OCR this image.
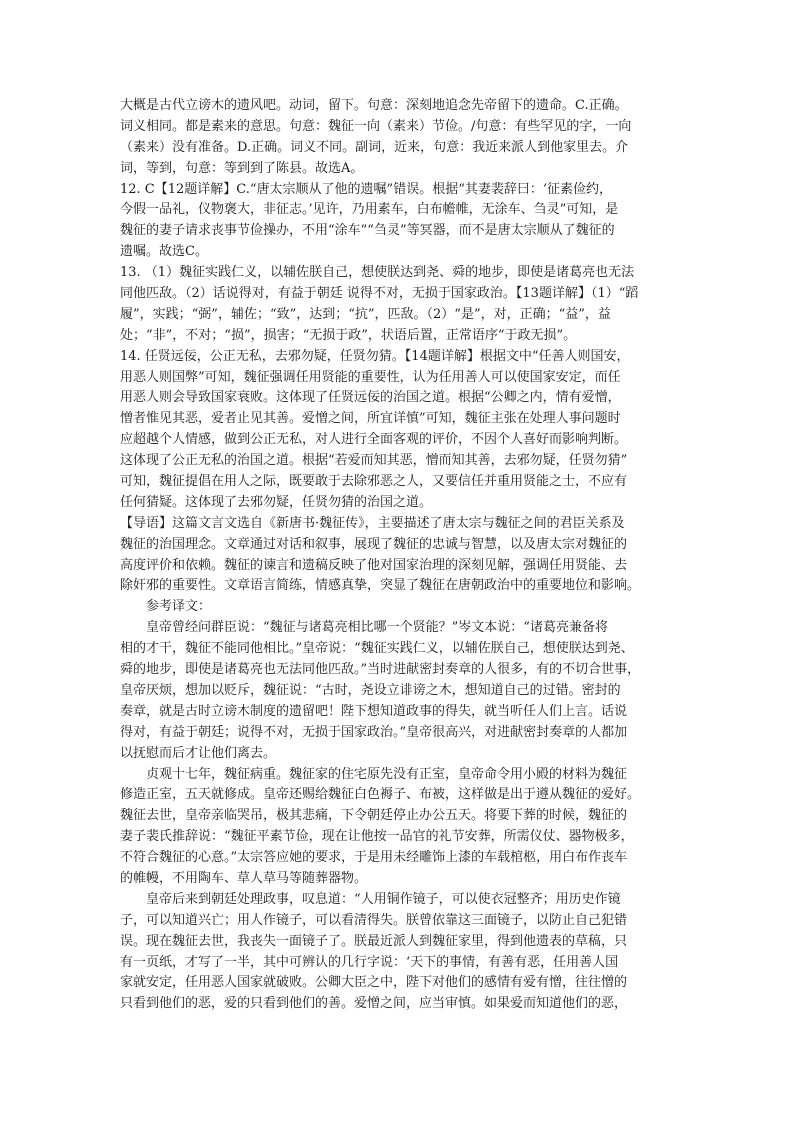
大概是古代立谤木的遗风吧。动词，留下。句意：深刻地追念先帝留下的遗命。C.正确。
词义相同。都是素来的意思。句意：魏征一向（素来）节俭。/句意：有些罕见的字，一向
（素来）没有准备。D.正确。词义不同。副词，近来，句意：我近来派人到他家里去。介
词，等到，句意：等到到了陈县。故选A。
12. C【12题详解】C.“唐太宗顺从了他的遗嘱”错误。根据“其妻裴辞曰：‘征素俭约，
今假一品礼，仪物褒大，非征志。’见许，乃用素车，白布幨帷，无涂车、刍灵”可知，是
魏征的妻子请求丧事节俭操办，不用“涂车”“刍灵”等冥器，而不是唐太宗顺从了魏征的
遗嘱。故选C。
13. （1）魏征实践仁义，以辅佐朕自己，想使朕达到尧、舜的地步，即使是诸葛亮也无法
同他匹敌。（2）话说得对，有益于朝廷 说得不对，无损于国家政治。【13题详解】（1）“蹈
履”，实践；“弼”，辅佐；“致”，达到；“抗”，匹敌。（2）“是”，对，正确；“益”，益
处；“非”，不对；“损”，损害；“无损于政”，状语后置，正常语序“于政无损”。
14. 任贤远佞，公正无私，去邪勿疑，任贤勿猜。【14题详解】根据文中“任善人则国安，
用恶人则国弊”可知，魏征强调任用贤能的重要性，认为任用善人可以使国家安定，而任
用恶人则会导致国家衰败。这体现了任贤远佞的治国之道。根据“公卿之内，情有爱憎，
憎者惟见其恶，爱者止见其善。爱憎之间，所宜详慎”可知，魏征主张在处理人事问题时
应超越个人情感，做到公正无私，对人进行全面客观的评价，不因个人喜好而影响判断。
这体现了公正无私的治国之道。根据“若爱而知其恶，憎而知其善，去邪勿疑，任贤勿猜”
可知，魏征提倡在用人之际，既要敢于去除邪恶之人，又要信任并重用贤能之士，不应有
任何猜疑。这体现了去邪勿疑，任贤勿猜的治国之道。
【导语】这篇文言文选自《新唐书·魏征传》，主要描述了唐太宗与魏征之间的君臣关系及
魏征的治国理念。文章通过对话和叙事，展现了魏征的忠诚与智慧，以及唐太宗对魏征的
高度评价和依赖。魏征的谏言和遗稿反映了他对国家治理的深刻见解，强调任用贤能、去
除奸邪的重要性。文章语言简练，情感真挚，突显了魏征在唐朝政治中的重要地位和影响。
参考译文：
皇帝曾经问群臣说：“魏征与诸葛亮相比哪一个贤能？”岑文本说：“诸葛亮兼备将
相的才干，魏征不能同他相比。”皇帝说：“魏征实践仁义，以辅佐朕自己，想使朕达到尧、
舜的地步，即使是诸葛亮也无法同他匹敌。”当时进献密封奏章的人很多，有的不切合世事，
皇帝厌烦，想加以贬斥，魏征说：“古时，尧设立诽谤之木，想知道自己的过错。密封的
奏章，就是古时立谤木制度的遗留吧！陛下想知道政事的得失，就当听任人们上言。话说
得对，有益于朝廷；说得不对，无损于国家政治。”皇帝很高兴，对进献密封奏章的人都加
以抚慰而后才让他们离去。
贞观十七年，魏征病重。魏征家的住宅原先没有正室，皇帝命令用小殿的材料为魏征
修造正室，五天就修成。皇帝还赐给魏征白色褥子、布被，这样做是出于遵从魏征的爱好。
魏征去世，皇帝亲临哭吊，极其悲痛，下令朝廷停止办公五天。将要下葬的时候，魏征的
妻子裴氏推辞说：“魏征平素节俭，现在让他按一品官的礼节安葬，所需仪仗、器物极多，
不符合魏征的心意。”太宗答应她的要求，于是用未经雕饰上漆的车载棺柩，用白布作丧车
的帷幔，不用陶车、草人草马等随葬器物。
皇帝后来到朝廷处理政事，叹息道：“人用铜作镜子，可以使衣冠整齐；用历史作镜
子，可以知道兴亡；用人作镜子，可以看清得失。朕曾依靠这三面镜子，以防止自己犯错
误。现在魏征去世，我丧失一面镜子了。朕最近派人到魏征家里，得到他遗表的草稿，只
有一页纸，才写了一半，其中可辨认的几行字说：‘天下的事情，有善有恶，任用善人国
家就安定，任用恶人国家就破败。公卿大臣之中，陛下对他们的感情有爱有憎，往往憎的
只看到他们的恶，爱的只看到他们的善。爱憎之间，应当审慎。如果爱而知道他们的恶，
